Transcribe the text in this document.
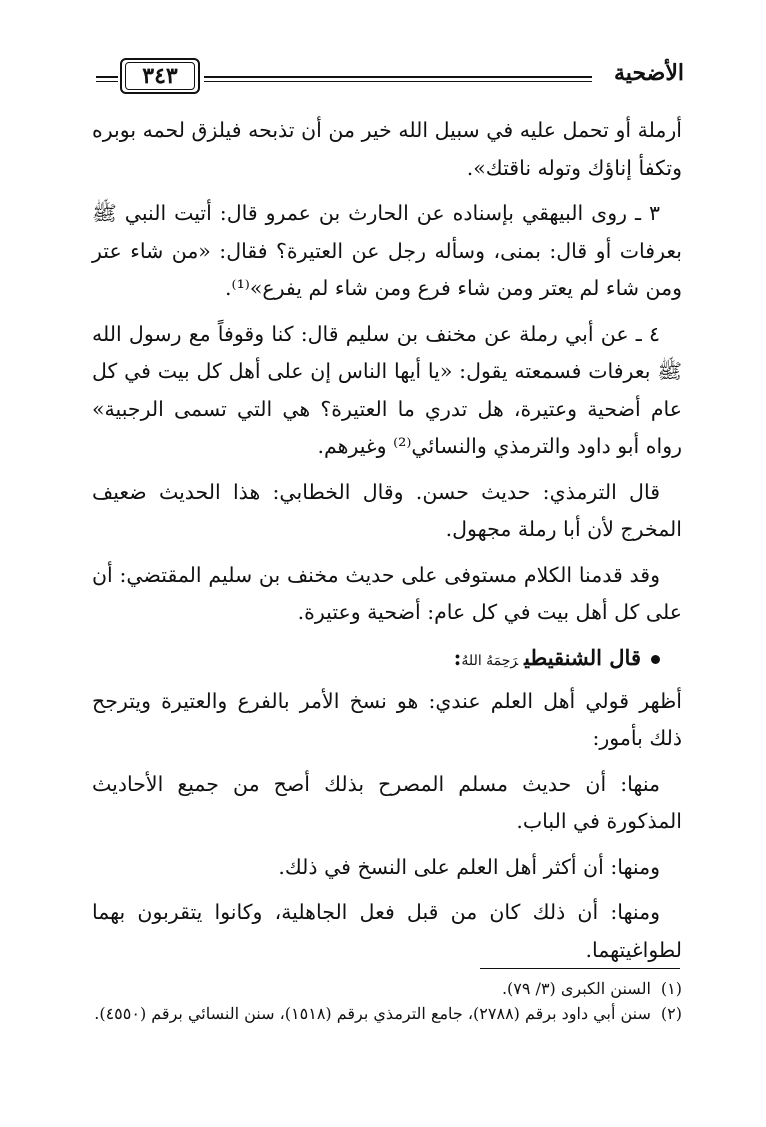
الأضحية
٣٤٣

أرملة أو تحمل عليه في سبيل الله خير من أن تذبحه فيلزق لحمه بوبره وتكفأ إناؤك وتوله ناقتك».

٣ ـ روى البيهقي بإسناده عن الحارث بن عمرو قال: أتيت النبي ﷺ بعرفات أو قال: بمنى، وسأله رجل عن العتيرة؟ فقال: «من شاء عتر ومن شاء لم يعتر ومن شاء فرع ومن شاء لم يفرع»⁽¹⁾.

٤ ـ عن أبي رملة عن مخنف بن سليم قال: كنا وقوفاً مع رسول الله ﷺ بعرفات فسمعته يقول: «يا أيها الناس إن على أهل كل بيت في كل عام أضحية وعتيرة، هل تدري ما العتيرة؟ هي التي تسمى الرجبية» رواه أبو داود والترمذي والنسائي⁽²⁾ وغيرهم.

قال الترمذي: حديث حسن. وقال الخطابي: هذا الحديث ضعيف المخرج لأن أبا رملة مجهول.

وقد قدمنا الكلام مستوفى على حديث مخنف بن سليم المقتضي: أن على كل أهل بيت في كل عام: أضحية وعتيرة.

قال الشنقيطيرَحِمَهُ اللهُ:

أظهر قولي أهل العلم عندي: هو نسخ الأمر بالفرع والعتيرة ويترجح ذلك بأمور:

منها: أن حديث مسلم المصرح بذلك أصح من جميع الأحاديث المذكورة في الباب.

ومنها: أن أكثر أهل العلم على النسخ في ذلك.

ومنها: أن ذلك كان من قبل فعل الجاهلية، وكانوا يتقربون بهما لطواغيتهما.

(١)السنن الكبرى (٣/ ٧٩).

(٢)سنن أبي داود برقم (٢٧٨٨)، جامع الترمذي برقم (١٥١٨)، سنن النسائي برقم (٤٥٥٠).
